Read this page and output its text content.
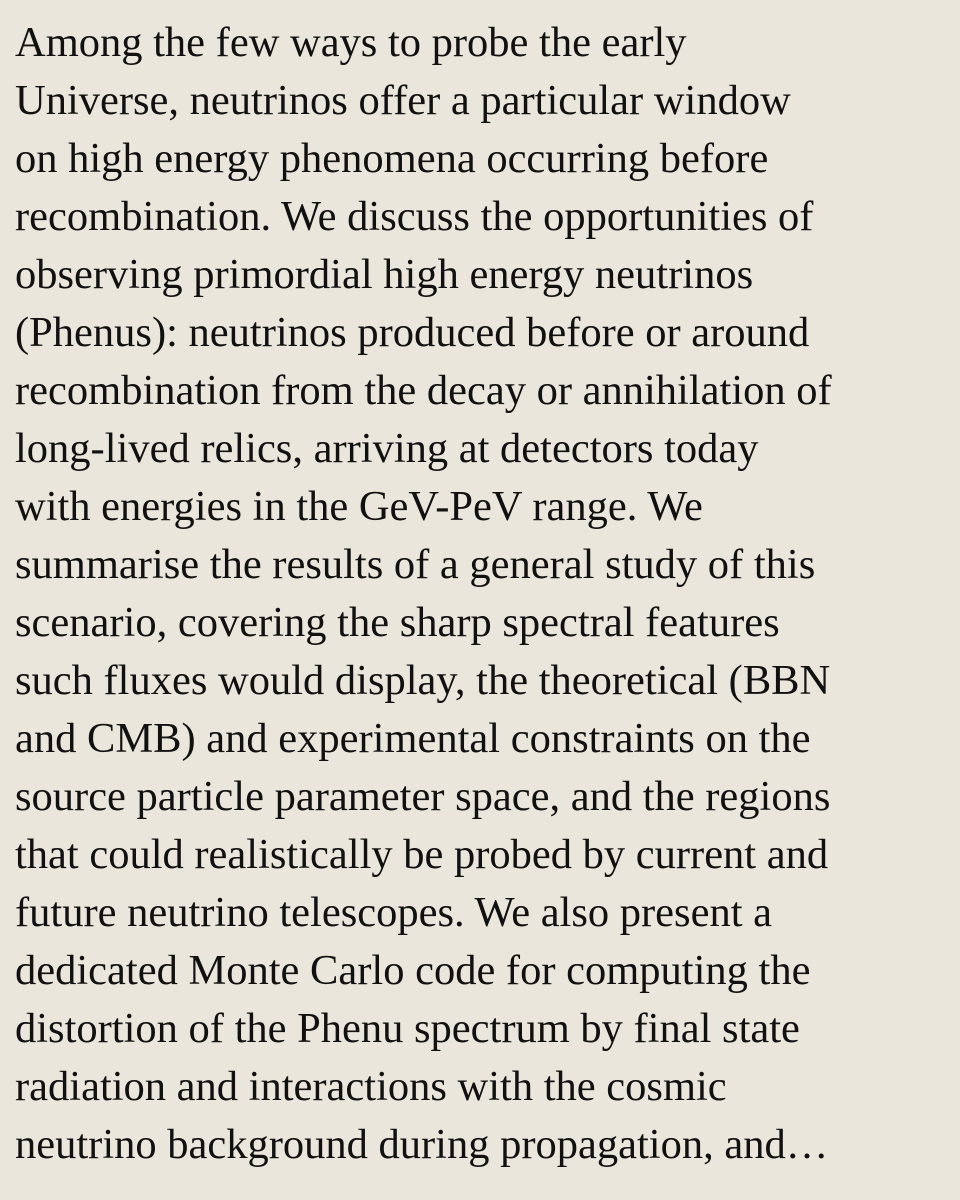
Among the few ways to probe the early
Universe, neutrinos offer a particular window
on high energy phenomena occurring before
recombination. We discuss the opportunities of
observing primordial high energy neutrinos
(Phenus): neutrinos produced before or around
recombination from the decay or annihilation of
long-lived relics, arriving at detectors today
with energies in the GeV-PeV range. We
summarise the results of a general study of this
scenario, covering the sharp spectral features
such fluxes would display, the theoretical (BBN
and CMB) and experimental constraints on the
source particle parameter space, and the regions
that could realistically be probed by current and
future neutrino telescopes. We also present a
dedicated Monte Carlo code for computing the
distortion of the Phenu spectrum by final state
radiation and interactions with the cosmic
neutrino background during propagation, and…
